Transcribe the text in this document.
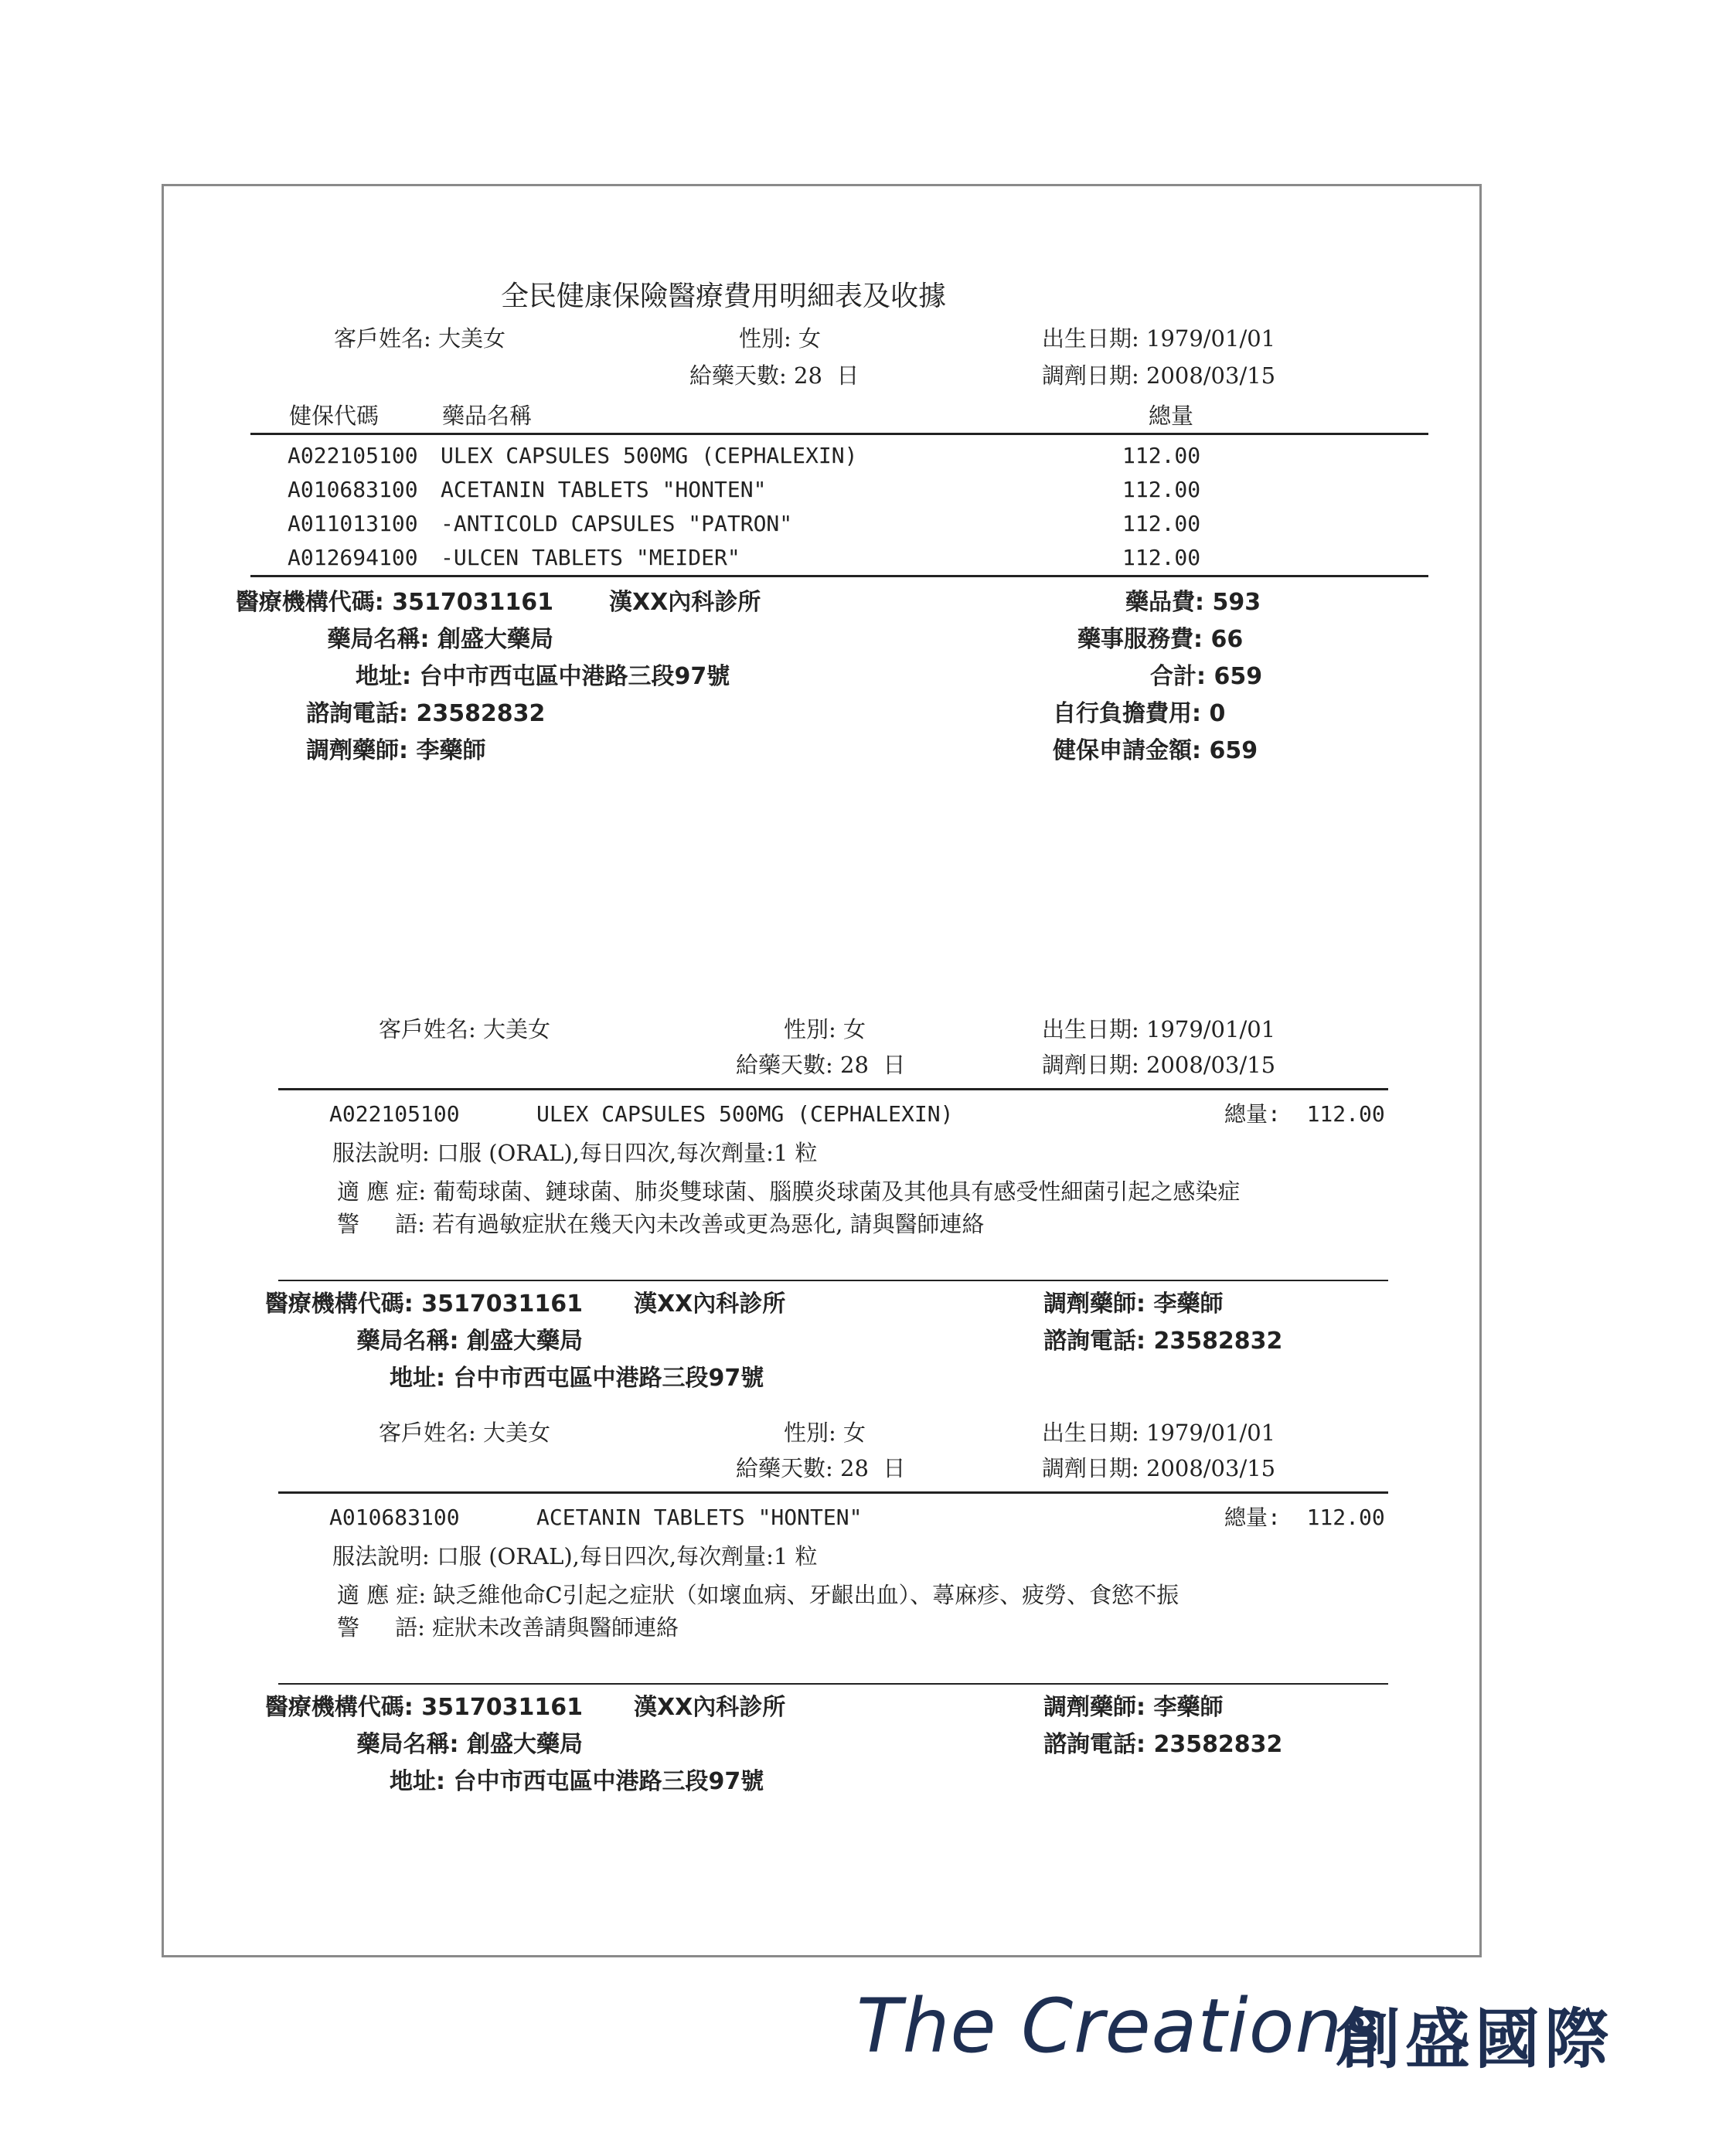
全民健康保險醫療費用明細表及收據
客戶姓名: 大美女	性別: 女	出生日期: 1979/01/01
給藥天數: 28  日	調劑日期: 2008/03/15
健保代碼	藥品名稱	總量
A022105100 ULEX CAPSULES 500MG (CEPHALEXIN)	112.00
A010683100 ACETANIN TABLETS "HONTEN"	112.00
A011013100 -ANTICOLD CAPSULES "PATRON"	112.00
A012694100 -ULCEN TABLETS "MEIDER"	112.00
醫療機構代碼: 3517031161 漢XX內科診所
藥局名稱: 創盛大藥局
地址: 台中市西屯區中港路三段97號
諮詢電話: 23582832
調劑藥師: 李藥師
藥品費: 593
藥事服務費: 66
合計: 659
自行負擔費用: 0
健保申請金額: 659
客戶姓名: 大美女	性別: 女	出生日期: 1979/01/01
給藥天數: 28  日	調劑日期: 2008/03/15
A022105100	ULEX CAPSULES 500MG (CEPHALEXIN)	總量:  112.00
服法說明: 口服 (ORAL),每日四次,每次劑量:1 粒
適 應 症: 葡萄球菌、鏈球菌、肺炎雙球菌、腦膜炎球菌及其他具有感受性細菌引起之感染症
警     語: 若有過敏症狀在幾天內未改善或更為惡化, 請與醫師連絡
醫療機構代碼: 3517031161 漢XX內科診所	調劑藥師: 李藥師
藥局名稱: 創盛大藥局	諮詢電話: 23582832
地址: 台中市西屯區中港路三段97號
客戶姓名: 大美女	性別: 女	出生日期: 1979/01/01
給藥天數: 28  日	調劑日期: 2008/03/15
A010683100	ACETANIN TABLETS "HONTEN"	總量:  112.00
服法說明: 口服 (ORAL),每日四次,每次劑量:1 粒
適 應 症: 缺乏維他命C引起之症狀（如壞血病、牙齦出血）、蕁麻疹、疲勞、食慾不振
警     語: 症狀未改善請與醫師連絡
醫療機構代碼: 3517031161 漢XX內科診所	調劑藥師: 李藥師
藥局名稱: 創盛大藥局	諮詢電話: 23582832
地址: 台中市西屯區中港路三段97號
The Creations
創盛國際
